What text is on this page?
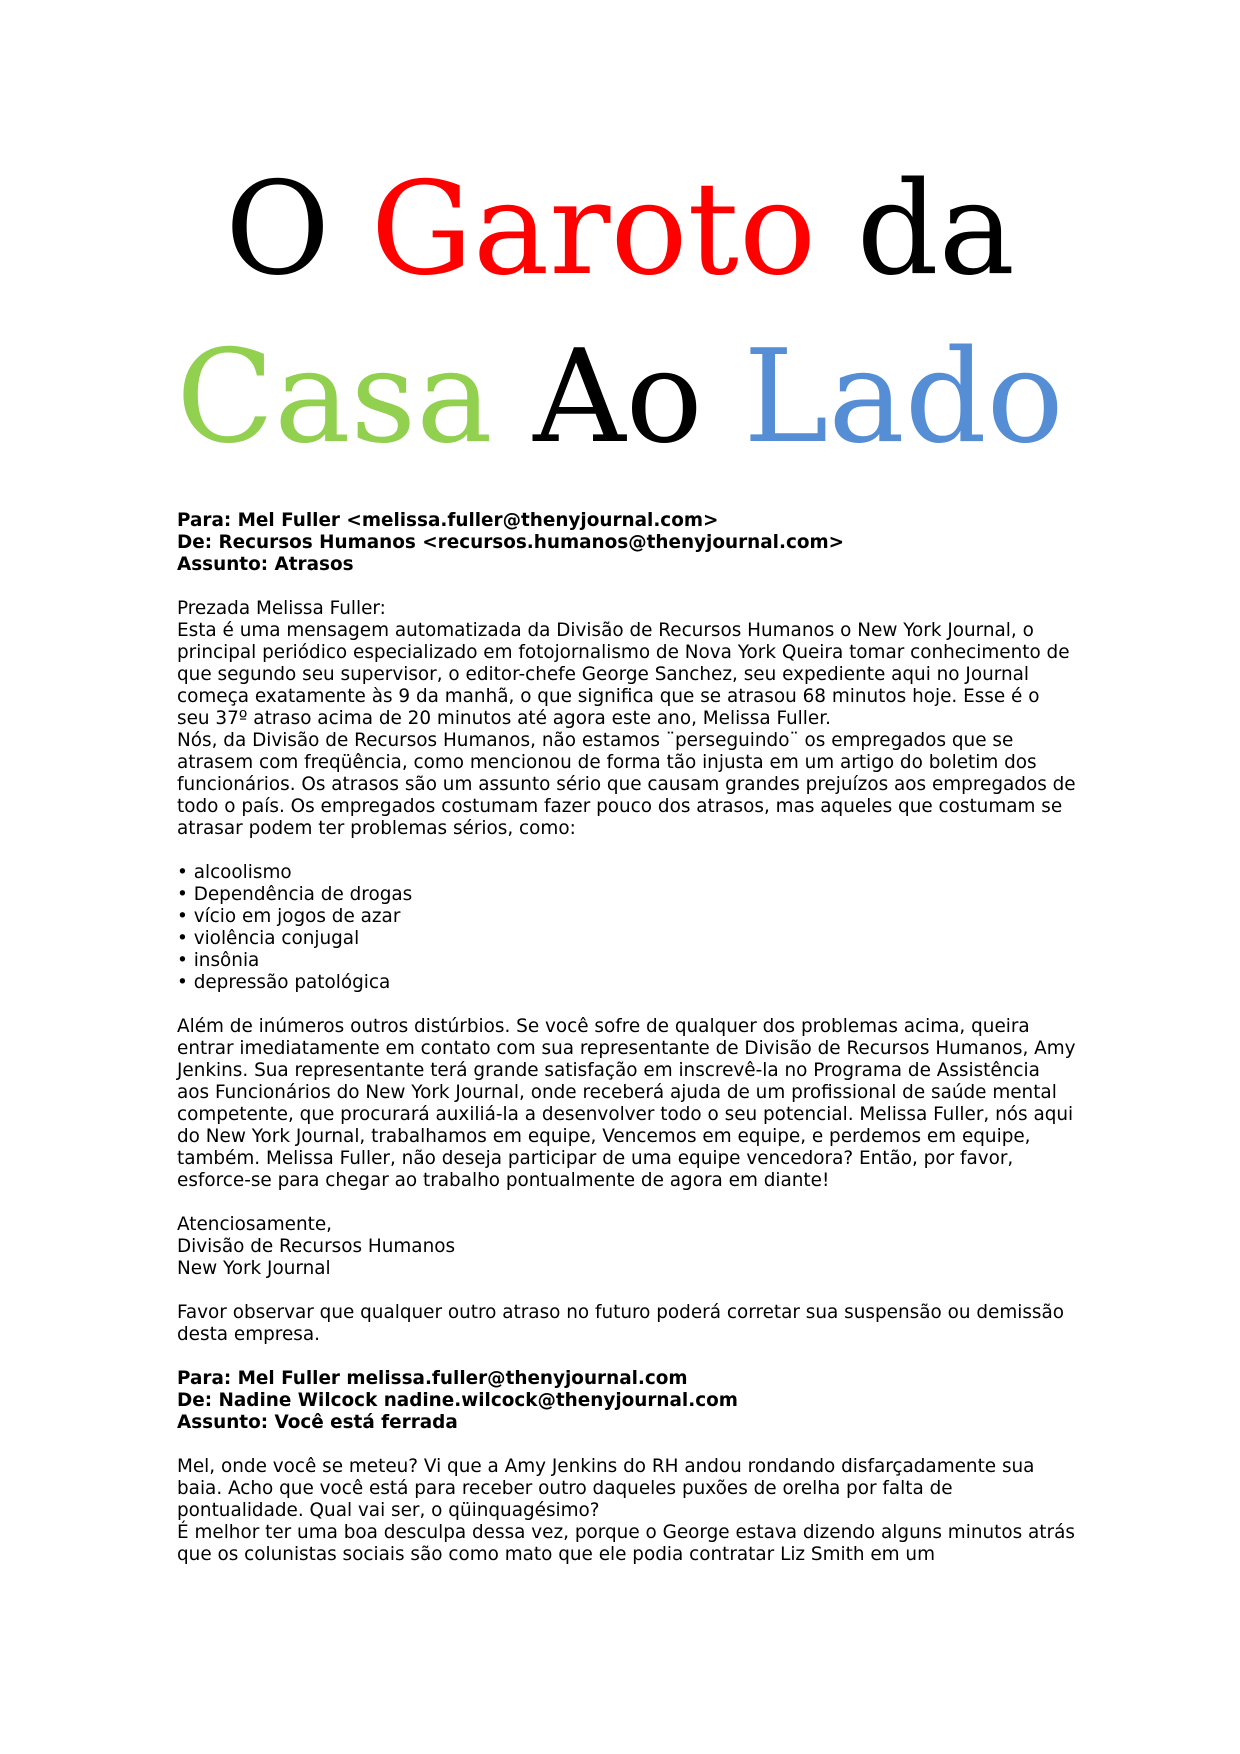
O Garoto da
Casa Ao Lado

Para: Mel Fuller <melissa.fuller@thenyjournal.com>

De: Recursos Humanos <recursos.humanos@thenyjournal.com>

Assunto: Atrasos

Prezada Melissa Fuller:

Esta é uma mensagem automatizada da Divisão de Recursos Humanos o New York Journal, o principal periódico especializado em fotojornalismo de Nova York Queira tomar conhecimento de que segundo seu supervisor, o editor-chefe George Sanchez, seu expediente aqui no Journal começa exatamente às 9 da manhã, o que significa que se atrasou 68 minutos hoje. Esse é o seu 37º atraso acima de 20 minutos até agora este ano, Melissa Fuller.

Nós, da Divisão de Recursos Humanos, não estamos ¨perseguindo¨ os empregados que se atrasem com freqüência, como mencionou de forma tão injusta em um artigo do boletim dos funcionários. Os atrasos são um assunto sério que causam grandes prejuízos aos empregados de todo o país. Os empregados costumam fazer pouco dos atrasos, mas aqueles que costumam se atrasar podem ter problemas sérios, como:

• alcoolismo
• Dependência de drogas
• vício em jogos de azar
• violência conjugal
• insônia
• depressão patológica

Além de inúmeros outros distúrbios. Se você sofre de qualquer dos problemas acima, queira entrar imediatamente em contato com sua representante de Divisão de Recursos Humanos, Amy Jenkins. Sua representante terá grande satisfação em inscrevê-la no Programa de Assistência aos Funcionários do New York Journal, onde receberá ajuda de um profissional de saúde mental competente, que procurará auxiliá-la a desenvolver todo o seu potencial. Melissa Fuller, nós aqui do New York Journal, trabalhamos em equipe, Vencemos em equipe, e perdemos em equipe, também. Melissa Fuller, não deseja participar de uma equipe vencedora? Então, por favor, esforce-se para chegar ao trabalho pontualmente de agora em diante!

Atenciosamente,

Divisão de Recursos Humanos

New York Journal

Favor observar que qualquer outro atraso no futuro poderá corretar sua suspensão ou demissão desta empresa.

Para: Mel Fuller melissa.fuller@thenyjournal.com

De: Nadine Wilcock nadine.wilcock@thenyjournal.com

Assunto: Você está ferrada

Mel, onde você se meteu? Vi que a Amy Jenkins do RH andou rondando disfarçadamente sua baia. Acho que você está para receber outro daqueles puxões de orelha por falta de pontualidade. Qual vai ser, o qüinquagésimo?

É melhor ter uma boa desculpa dessa vez, porque o George estava dizendo alguns minutos atrás que os colunistas sociais são como mato que ele podia contratar Liz Smith em um
